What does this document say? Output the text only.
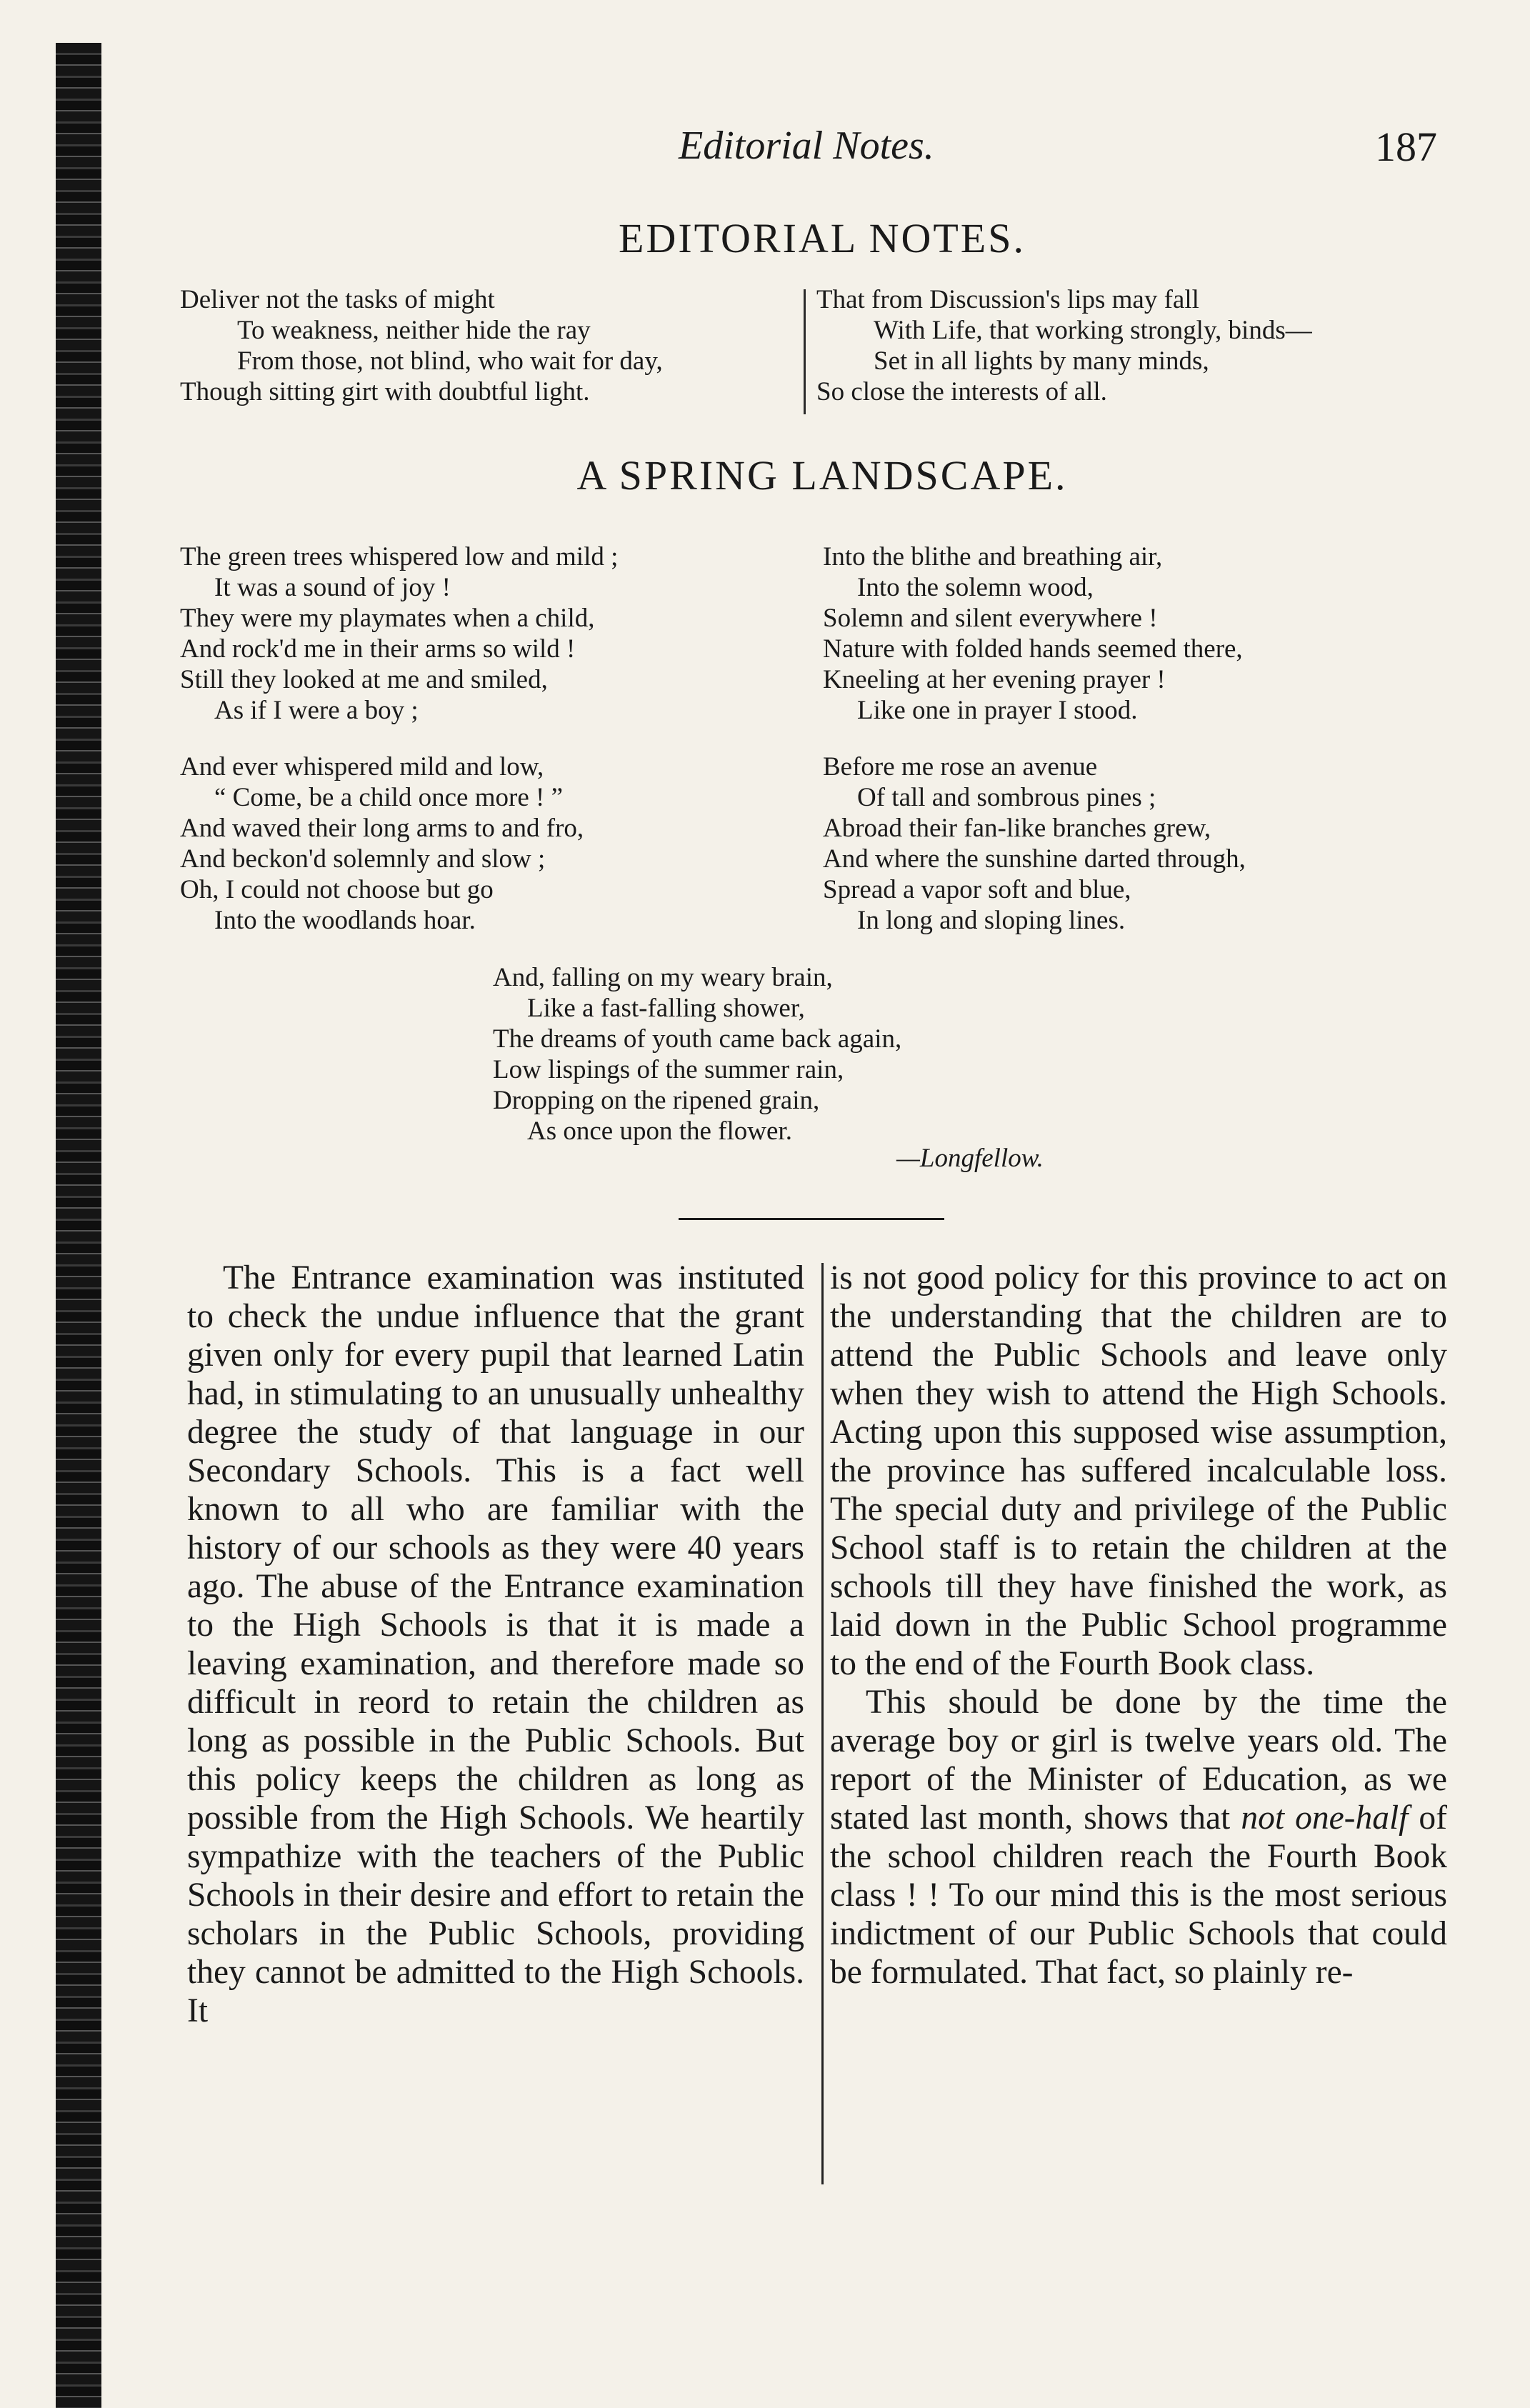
Editorial Notes.	187
EDITORIAL NOTES.
Deliver not the tasks of might
To weakness, neither hide the ray
From those, not blind, who wait for day,
Though sitting girt with doubtful light.
That from Discussion's lips may fall
With Life, that working strongly, binds—
Set in all lights by many minds,
So close the interests of all.
A SPRING LANDSCAPE.
The green trees whispered low and mild ;
It was a sound of joy !
They were my playmates when a child,
And rock'd me in their arms so wild !
Still they looked at me and smiled,
As if I were a boy ;
Into the blithe and breathing air,
Into the solemn wood,
Solemn and silent everywhere !
Nature with folded hands seemed there,
Kneeling at her evening prayer !
Like one in prayer I stood.
And ever whispered mild and low,
“ Come, be a child once more ! ”
And waved their long arms to and fro,
And beckon'd solemnly and slow ;
Oh, I could not choose but go
Into the woodlands hoar.
Before me rose an avenue
Of tall and sombrous pines ;
Abroad their fan-like branches grew,
And where the sunshine darted through,
Spread a vapor soft and blue,
In long and sloping lines.
And, falling on my weary brain,
Like a fast-falling shower,
The dreams of youth came back again,
Low lispings of the summer rain,
Dropping on the ripened grain,
As once upon the flower.
—Longfellow.

The Entrance examination was instituted to check the undue influence that the grant given only for every pupil that learned Latin had, in stimulating to an unusually unhealthy degree the study of that language in our Secondary Schools. This is a fact well known to all who are familiar with the history of our schools as they were 40 years ago. The abuse of the Entrance examination to the High Schools is that it is made a leaving examination, and therefore made so difficult in reord to retain the children as long as possible in the Public Schools. But this policy keeps the children as long as possible from the High Schools. We heartily sympathize with the teachers of the Public Schools in their desire and effort to retain the scholars in the Public Schools, providing they cannot be admitted to the High Schools. It

is not good policy for this province to act on the understanding that the children are to attend the Public Schools and leave only when they wish to attend the High Schools. Acting upon this supposed wise assumption, the province has suffered incalculable loss. The special duty and privilege of the Public School staff is to retain the children at the schools till they have finished the work, as laid down in the Public School programme to the end of the Fourth Book class.

This should be done by the time the average boy or girl is twelve years old. The report of the Minister of Education, as we stated last month, shows that not one-half of the school children reach the Fourth Book class ! ! To our mind this is the most serious indictment of our Public Schools that could be formulated. That fact, so plainly re-
